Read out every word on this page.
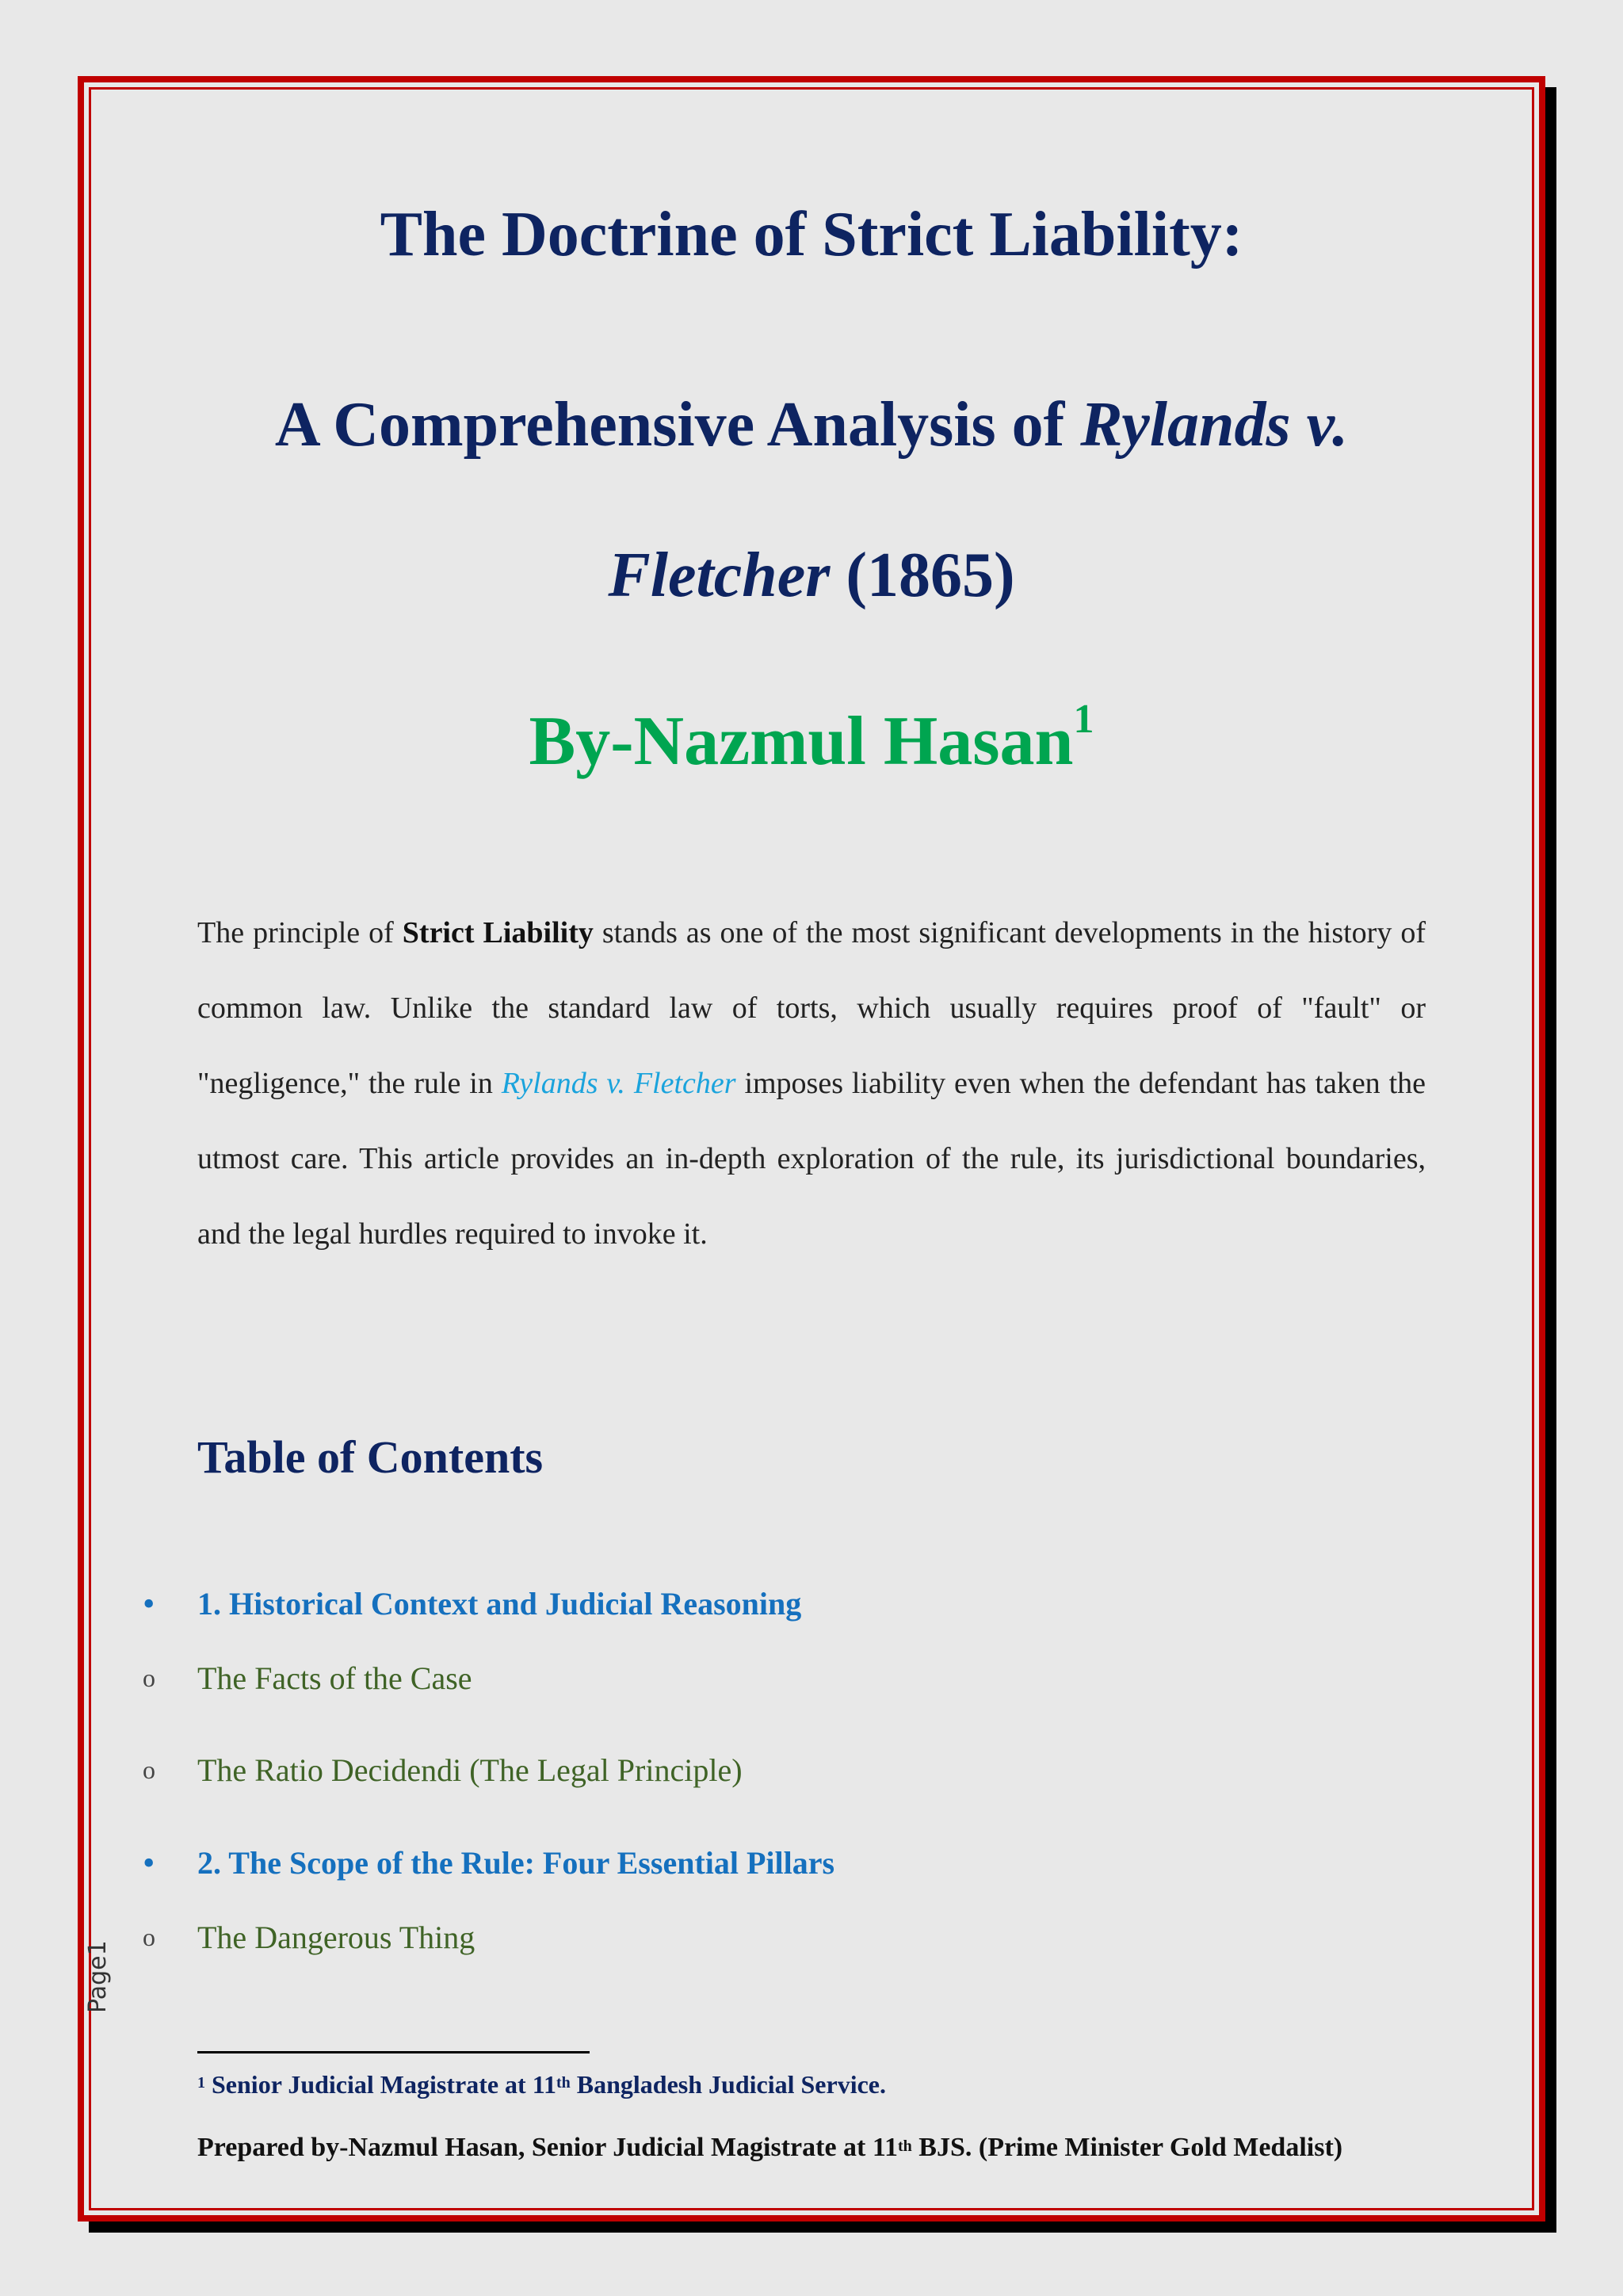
The Doctrine of Strict Liability:
A Comprehensive Analysis of Rylands v.
Fletcher (1865)
By-Nazmul Hasan$^1$
The principle of Strict Liability stands as one of the most significant developments in the history of common law. Unlike the standard law of torts, which usually requires proof of "fault" or "negligence," the rule in Rylands v. Fletcher imposes liability even when the defendant has taken the utmost care. This article provides an in-depth exploration of the rule, its jurisdictional boundaries, and the legal hurdles required to invoke it.
Table of Contents
•	1. Historical Context and Judicial Reasoning
o	The Facts of the Case
o	The Ratio Decidendi (The Legal Principle)
•	2. The Scope of the Rule: Four Essential Pillars
o	The Dangerous Thing
Page1
$^1$ Senior Judicial Magistrate at 11th Bangladesh Judicial Service.
Prepared by-Nazmul Hasan, Senior Judicial Magistrate at 11th BJS. (Prime Minister Gold Medalist)
